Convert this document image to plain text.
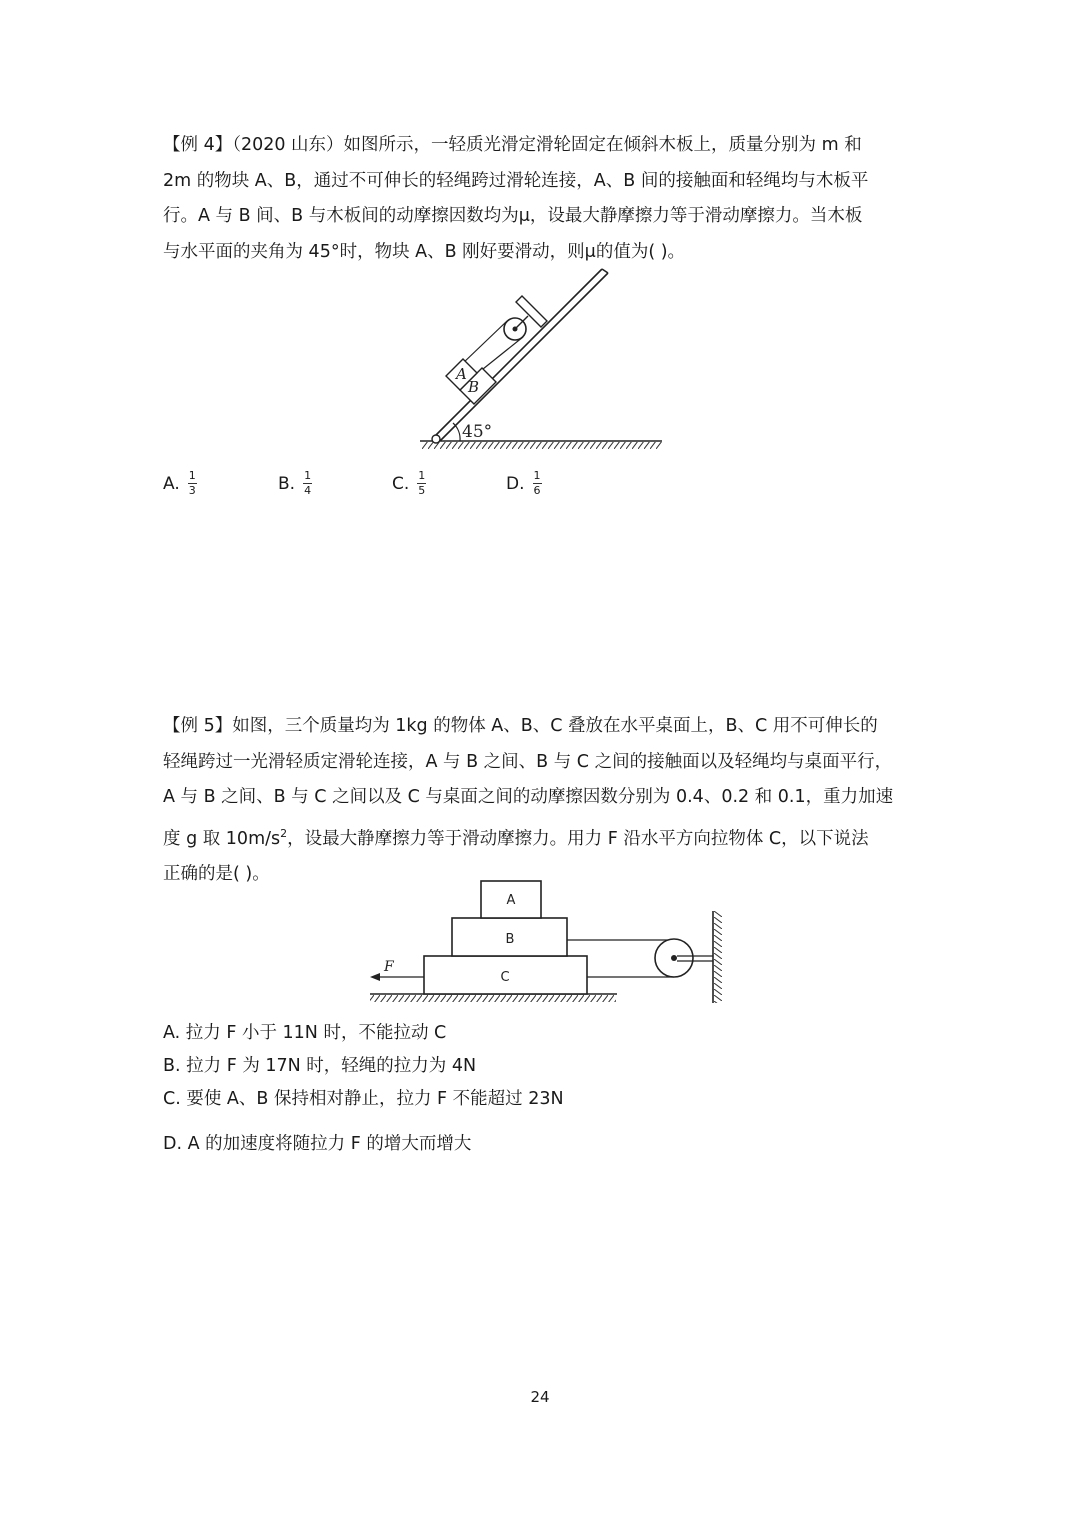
【例 4】（2020 山东）如图所示，一轻质光滑定滑轮固定在倾斜木板上，质量分别为 m 和
2m 的物块 A、B，通过不可伸长的轻绳跨过滑轮连接，A、B 间的接触面和轻绳均与木板平
行。A 与 B 间、B 与木板间的动摩擦因数均为μ，设最大静摩擦力等于滑动摩擦力。当木板
与水平面的夹角为 45°时，物块 A、B 刚好要滑动，则μ的值为( )。
A
B
45°
A. $\frac{1}{3}$	B. $\frac{1}{4}$	C. $\frac{1}{5}$	D. $\frac{1}{6}$
【例 5】如图，三个质量均为 1kg 的物体 A、B、C 叠放在水平桌面上，B、C 用不可伸长的
轻绳跨过一光滑轻质定滑轮连接，A 与 B 之间、B 与 C 之间的接触面以及轻绳均与桌面平行，
A 与 B 之间、B 与 C 之间以及 C 与桌面之间的动摩擦因数分别为 0.4、0.2 和 0.1，重力加速
度 g 取 $10m/s^2$，设最大静摩擦力等于滑动摩擦力。用力 F 沿水平方向拉物体 C，以下说法
正确的是( )。
C
B
A
F
A. 拉力 F 小于 11N 时，不能拉动 C
B. 拉力 F 为 17N 时，轻绳的拉力为 4N
C. 要使 A、B 保持相对静止，拉力 F 不能超过 23N
D. A 的加速度将随拉力 F 的增大而增大
24
